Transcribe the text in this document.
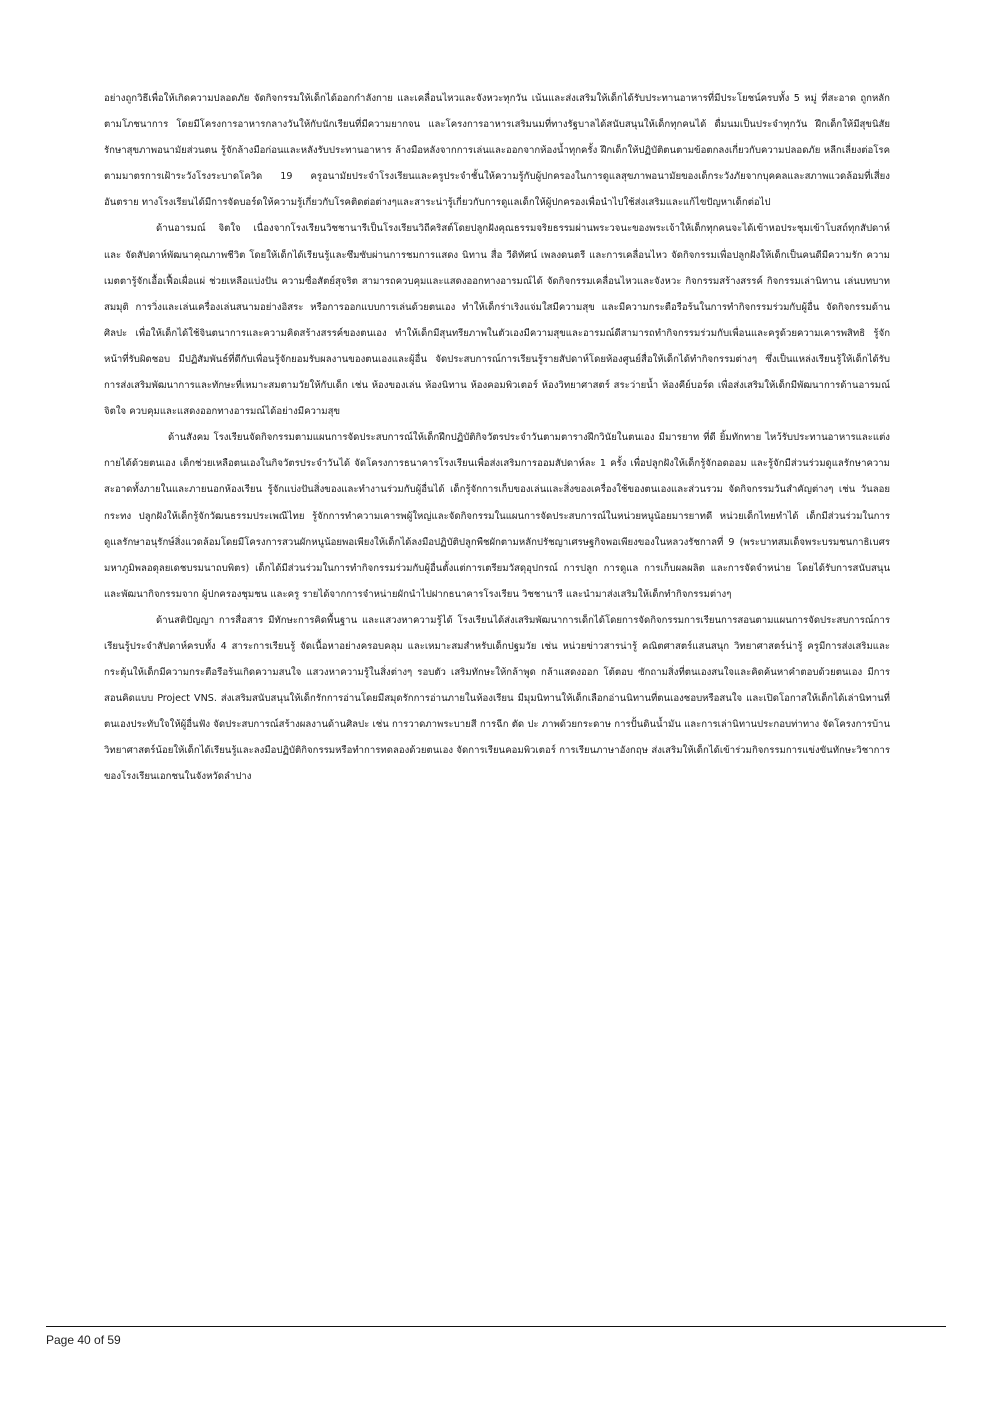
อย่างถูกวิธีเพื่อให้เกิดความปลอดภัย จัดกิจกรรมให้เด็กได้ออกกำลังกาย และเคลื่อนไหวและจังหวะทุกวัน เน้นและส่งเสริมให้เด็กได้รับประทานอาหารที่มีประโยชน์ครบทั้ง 5 หมู่ ที่สะอาด ถูกหลักตามโภชนาการ โดยมีโครงการอาหารกลางวันให้กับนักเรียนที่มีความยากจน และโครงการอาหารเสริมนมที่ทางรัฐบาลได้สนับสนุนให้เด็กทุกคนได้ ดื่มนมเป็นประจำทุกวัน ฝึกเด็กให้มีสุขนิสัยรักษาสุขภาพอนามัยส่วนตน รู้จักล้างมือก่อนและหลังรับประทานอาหาร ล้างมือหลังจากการเล่นและออกจากห้องน้ำทุกครั้ง ฝึกเด็กให้ปฏิบัติตนตามข้อตกลงเกี่ยวกับความปลอดภัย หลีกเลี่ยงต่อโรค ตามมาตรการเฝ้าระวังโรงระบาดโควิด 19 ครูอนามัยประจำโรงเรียนและครูประจำชั้นให้ความรู้กับผู้ปกครองในการดูแลสุขภาพอนามัยของเด็กระวังภัยจากบุคคลและสภาพแวดล้อมที่เสี่ยงอันตราย ทางโรงเรียนได้มีการจัดบอร์ดให้ความรู้เกี่ยวกับโรคติดต่อต่างๆและสาระน่ารู้เกี่ยวกับการดูแลเด็กให้ผู้ปกครองเพื่อนำไปใช้ส่งเสริมและแก้ไขปัญหาเด็กต่อไป

ด้านอารมณ์ จิตใจ เนื่องจากโรงเรียนวิชชานารีเป็นโรงเรียนวิถีคริสต์โดยปลูกฝังคุณธรรมจริยธรรมผ่านพระวจนะของพระเจ้าให้เด็กทุกคนจะได้เข้าหอประชุมเข้าโบสถ์ทุกสัปดาห์ และ จัดสัปดาห์พัฒนาคุณภาพชีวิต โดยให้เด็กได้เรียนรู้และซึมซับผ่านการชมการแสดง นิทาน สื่อ วีดิทัศน์ เพลงดนตรี และการเคลื่อนไหว จัดกิจกรรมเพื่อปลูกฝังให้เด็กเป็นคนดีมีความรัก ความเมตตารู้จักเอื้อเฟื้อเผื่อแผ่ ช่วยเหลือแบ่งปัน ความซื่อสัตย์สุจริต สามารถควบคุมและแสดงออกทางอารมณ์ได้ จัดกิจกรรมเคลื่อนไหวและจังหวะ กิจกรรมสร้างสรรค์ กิจกรรมเล่านิทาน เล่นบทบาทสมมุติ การวิ่งและเล่นเครื่องเล่นสนามอย่างอิสระ หรือการออกแบบการเล่นด้วยตนเอง ทำให้เด็กร่าเริงแจ่มใสมีความสุข และมีความกระตือรือร้นในการทำกิจกรรมร่วมกับผู้อื่น จัดกิจกรรมด้านศิลปะ เพื่อให้เด็กได้ใช้จินตนาการและความคิดสร้างสรรค์ของตนเอง ทำให้เด็กมีสุนทรียภาพในตัวเองมีความสุขและอารมณ์ดีสามารถทำกิจกรรมร่วมกับเพื่อนและครูด้วยความเคารพสิทธิ รู้จักหน้าที่รับผิดชอบ มีปฏิสัมพันธ์ที่ดีกับเพื่อนรู้จักยอมรับผลงานของตนเองและผู้อื่น จัดประสบการณ์การเรียนรู้รายสัปดาห์โดยห้องศูนย์สื่อให้เด็กได้ทำกิจกรรมต่างๆ ซึ่งเป็นแหล่งเรียนรู้ให้เด็กได้รับการส่งเสริมพัฒนาการและทักษะที่เหมาะสมตามวัยให้กับเด็ก เช่น ห้องของเล่น ห้องนิทาน ห้องคอมพิวเตอร์ ห้องวิทยาศาสตร์ สระว่ายน้ำ ห้องคีย์บอร์ด เพื่อส่งเสริมให้เด็กมีพัฒนาการด้านอารมณ์ จิตใจ ควบคุมและแสดงออกทางอารมณ์ได้อย่างมีความสุข

ด้านสังคม โรงเรียนจัดกิจกรรมตามแผนการจัดประสบการณ์ให้เด็กฝึกปฏิบัติกิจวัตรประจำวันตามตารางฝึกวินัยในตนเอง มีมารยาท ที่ดี ยิ้มทักทาย ไหว้รับประทานอาหารและแต่งกายได้ด้วยตนเอง เด็กช่วยเหลือตนเองในกิจวัตรประจำวันได้ จัดโครงการธนาคารโรงเรียนเพื่อส่งเสริมการออมสัปดาห์ละ 1 ครั้ง เพื่อปลูกฝังให้เด็กรู้จักอดออม และรู้จักมีส่วนร่วมดูแลรักษาความสะอาดทั้งภายในและภายนอกห้องเรียน รู้จักแบ่งปันสิ่งของและทำงานร่วมกับผู้อื่นได้ เด็กรู้จักการเก็บของเล่นและสิ่งของเครื่องใช้ของตนเองและส่วนรวม จัดกิจกรรมวันสำคัญต่างๆ เช่น วันลอยกระทง ปลูกฝังให้เด็กรู้จักวัฒนธรรมประเพณีไทย รู้จักการทำความเคารพผู้ใหญ่และจัดกิจกรรมในแผนการจัดประสบการณ์ในหน่วยหนูน้อยมารยาทดี หน่วยเด็กไทยทำได้ เด็กมีส่วนร่วมในการดูแลรักษาอนุรักษ์สิ่งแวดล้อมโดยมีโครงการสวนผักหนูน้อยพอเพียงให้เด็กได้ลงมือปฏิบัติปลูกพืชผักตามหลักปรัชญาเศรษฐกิจพอเพียงของในหลวงรัชกาลที่ 9 (พระบาทสมเด็จพระบรมชนกาธิเบศร มหาภูมิพลอดุลยเดชบรมนาถบพิตร) เด็กได้มีส่วนร่วมในการทำกิจกรรมร่วมกับผู้อื่นตั้งแต่การเตรียมวัสดุอุปกรณ์ การปลูก การดูแล การเก็บผลผลิต และการจัดจำหน่าย โดยได้รับการสนับสนุนและพัฒนากิจกรรมจาก ผู้ปกครองชุมชน และครู รายได้จากการจำหน่ายผักนำไปฝากธนาคารโรงเรียน วิชชานารี และนำมาส่งเสริมให้เด็กทำกิจกรรมต่างๆ

ด้านสติปัญญา การสื่อสาร มีทักษะการคิดพื้นฐาน และแสวงหาความรู้ได้ โรงเรียนได้ส่งเสริมพัฒนาการเด็กได้โดยการจัดกิจกรรมการเรียนการสอนตามแผนการจัดประสบการณ์การเรียนรู้ประจำสัปดาห์ครบทั้ง 4 สาระการเรียนรู้ จัดเนื้อหาอย่างครอบคลุม และเหมาะสมสำหรับเด็กปฐมวัย เช่น หน่วยข่าวสารน่ารู้ คณิตศาสตร์แสนสนุก วิทยาศาสตร์น่ารู้ ครูมีการส่งเสริมและกระตุ้นให้เด็กมีความกระตือรือร้นเกิดความสนใจ แสวงหาความรู้ในสิ่งต่างๆ รอบตัว เสริมทักษะให้กล้าพูด กล้าแสดงออก โต้ตอบ ซักถามสิ่งที่ตนเองสนใจและคิดค้นหาคำตอบด้วยตนเอง มีการสอนคิดแบบ Project VNS. ส่งเสริมสนับสนุนให้เด็กรักการอ่านโดยมีสมุดรักการอ่านภายในห้องเรียน มีมุมนิทานให้เด็กเลือกอ่านนิทานที่ตนเองชอบหรือสนใจ และเปิดโอกาสให้เด็กได้เล่านิทานที่ตนเองประทับใจให้ผู้อื่นฟัง จัดประสบการณ์สร้างผลงานด้านศิลปะ เช่น การวาดภาพระบายสี การฉีก ตัด ปะ ภาพด้วยกระดาษ การปั้นดินน้ำมัน และการเล่านิทานประกอบท่าทาง จัดโครงการบ้านวิทยาศาสตร์น้อยให้เด็กได้เรียนรู้และลงมือปฏิบัติกิจกรรมหรือทำการทดลองด้วยตนเอง จัดการเรียนคอมพิวเตอร์ การเรียนภาษาอังกฤษ ส่งเสริมให้เด็กได้เข้าร่วมกิจกรรมการแข่งขันทักษะวิชาการของโรงเรียนเอกชนในจังหวัดลำปาง

Page 40 of 59
